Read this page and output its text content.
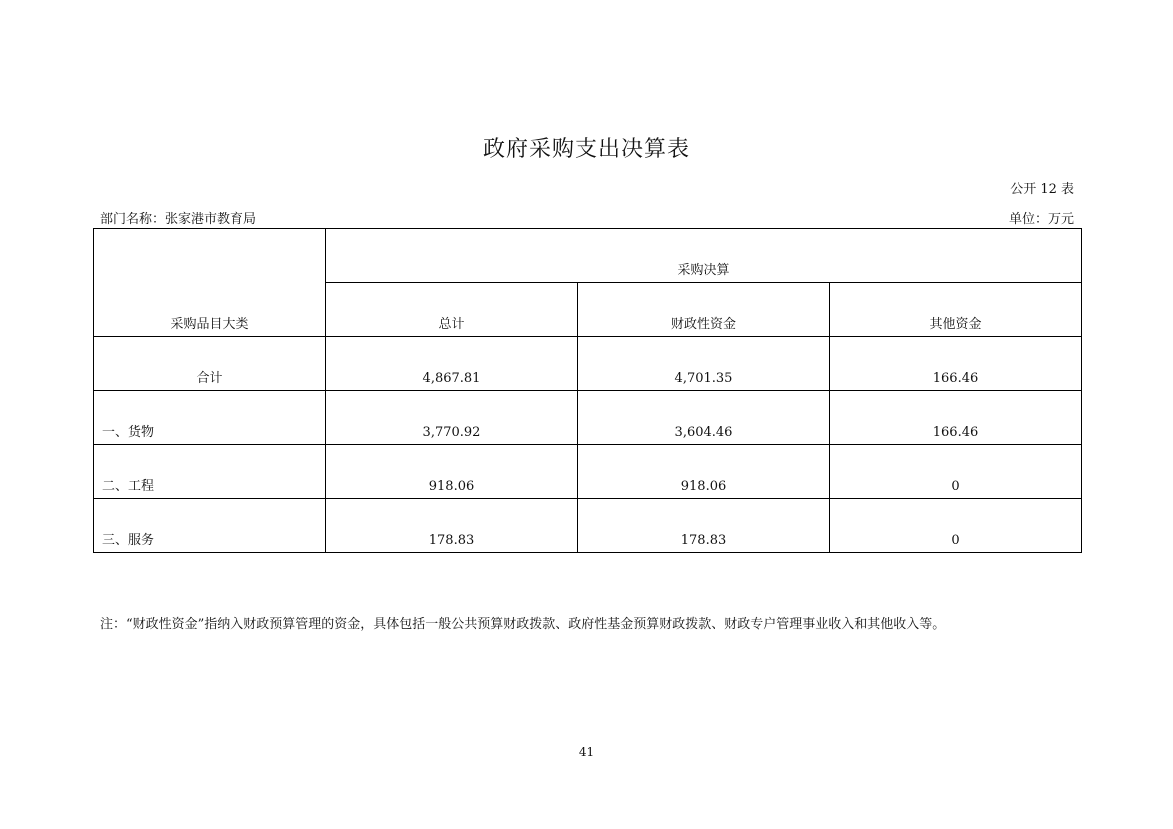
政府采购支出决算表
公开 12 表
部门名称：张家港市教育局	单位：万元
采购品目大类	采购决算		
	总计	财政性资金	其他资金
合计	4,867.81	4,701.35	166.46
一、货物	3,770.92	3,604.46	166.46
二、工程	918.06	918.06	0
三、服务	178.83	178.83	0
注：“财政性资金”指纳入财政预算管理的资金，具体包括一般公共预算财政拨款、政府性基金预算财政拨款、财政专户管理事业收入和其他收入等。
41
